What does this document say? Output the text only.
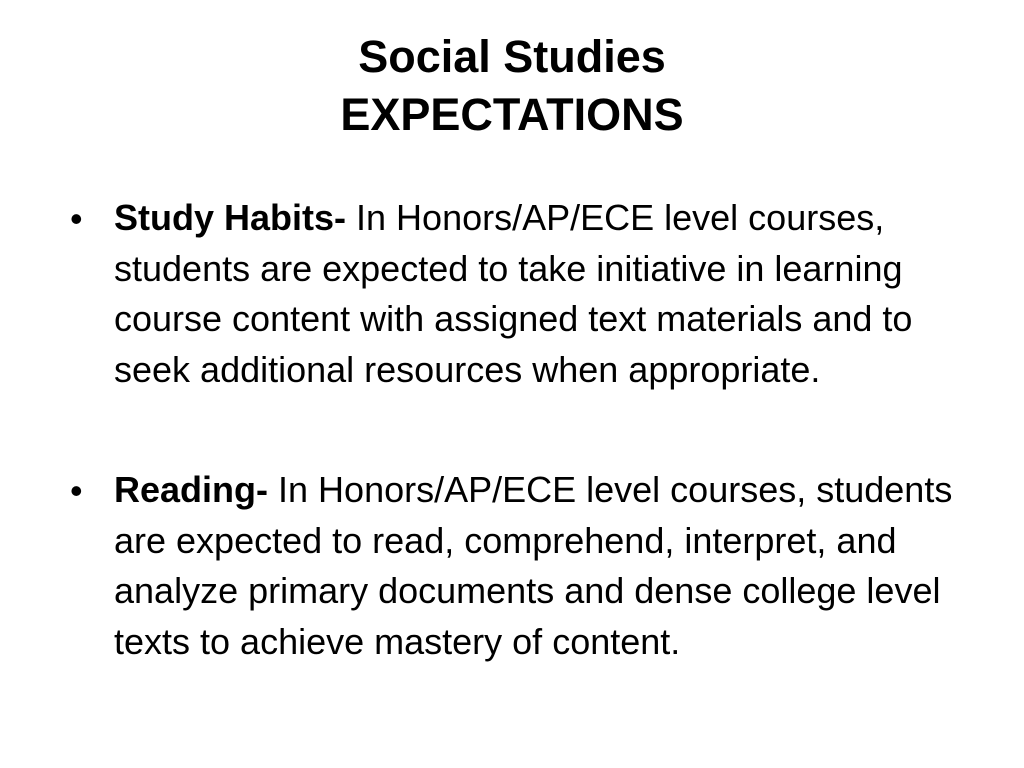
Social Studies
EXPECTATIONS
• Study Habits- In Honors/AP/ECE level courses, students are expected to take initiative in learning course content with assigned text materials and to seek additional resources when appropriate.
• Reading- In Honors/AP/ECE level courses, students are expected to read, comprehend, interpret, and analyze primary documents and dense college level texts to achieve mastery of content.
